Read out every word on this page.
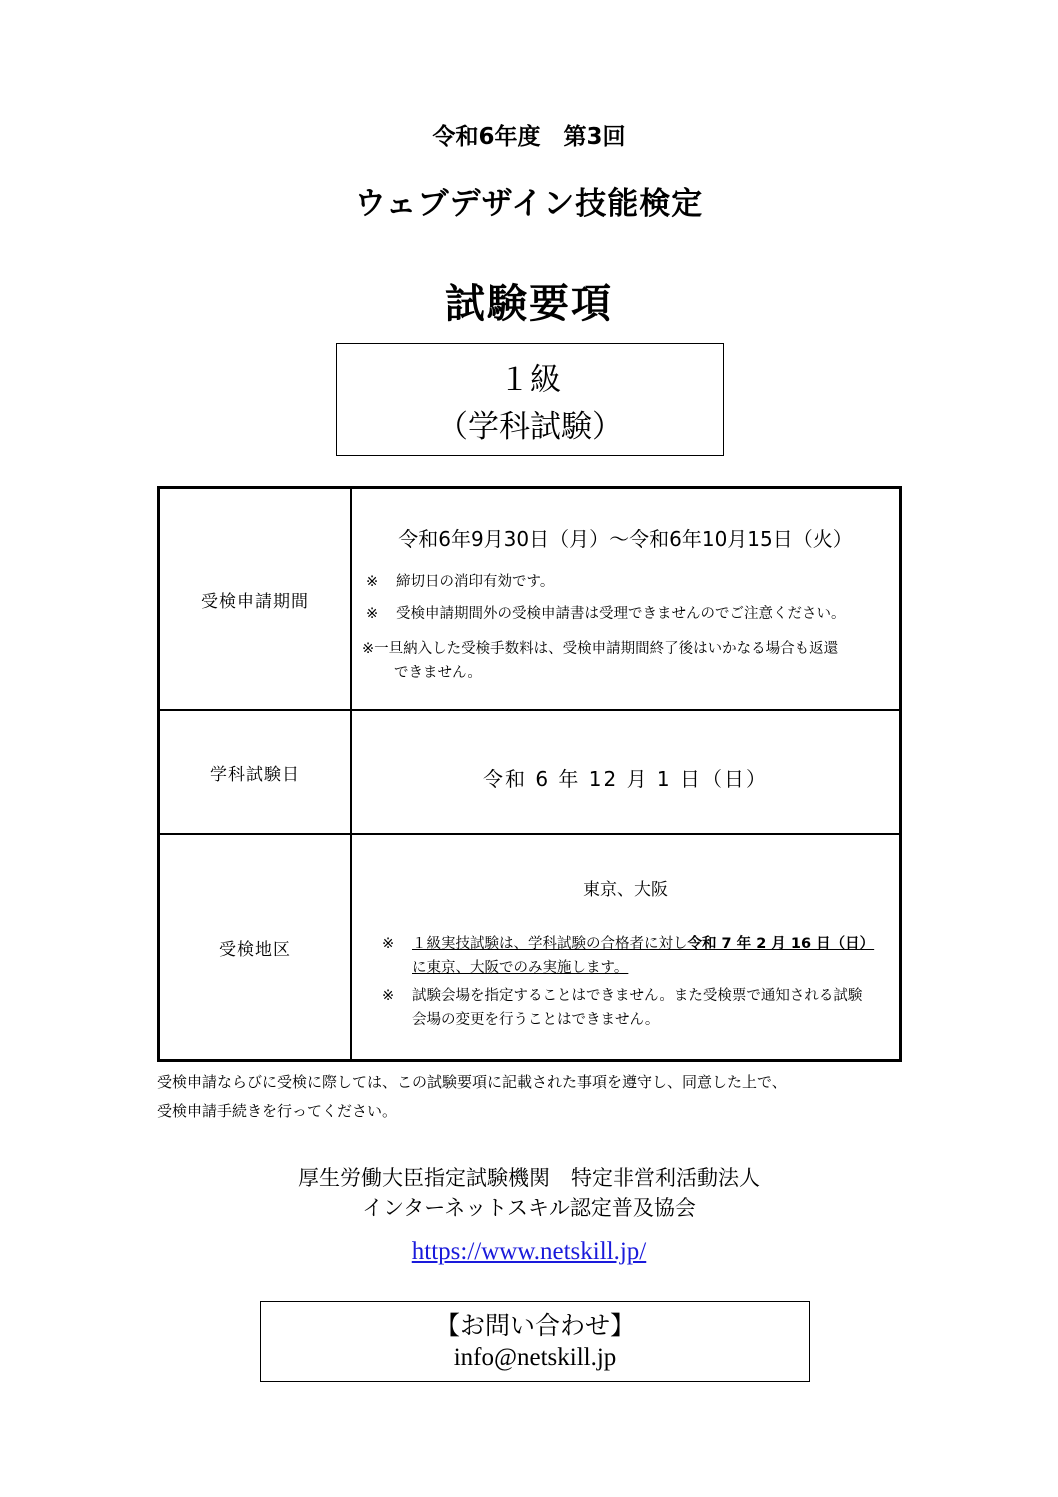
令和6年度　第3回
ウェブデザイン技能検定
試験要項
１級
（学科試験）
受検申請期間
令和6年9月30日（月）～令和6年10月15日（火）
※ 締切日の消印有効です。
※ 受検申請期間外の受検申請書は受理できませんのでご注意ください。
※一旦納入した受検手数料は、受検申請期間終了後はいかなる場合も返還
できません。
学科試験日	令和 6 年 12 月 1 日（日）
受検地区
東京、大阪
※ １級実技試験は、学科試験の合格者に対し令和 7 年 2 月 16 日（日）
に東京、大阪でのみ実施します。
※ 試験会場を指定することはできません。また受検票で通知される試験
会場の変更を行うことはできません。
受検申請ならびに受検に際しては、この試験要項に記載された事項を遵守し、同意した上で、
受検申請手続きを行ってください。
厚生労働大臣指定試験機関　特定非営利活動法人
インターネットスキル認定普及協会
https://www.netskill.jp/
【お問い合わせ】
info@netskill.jp
